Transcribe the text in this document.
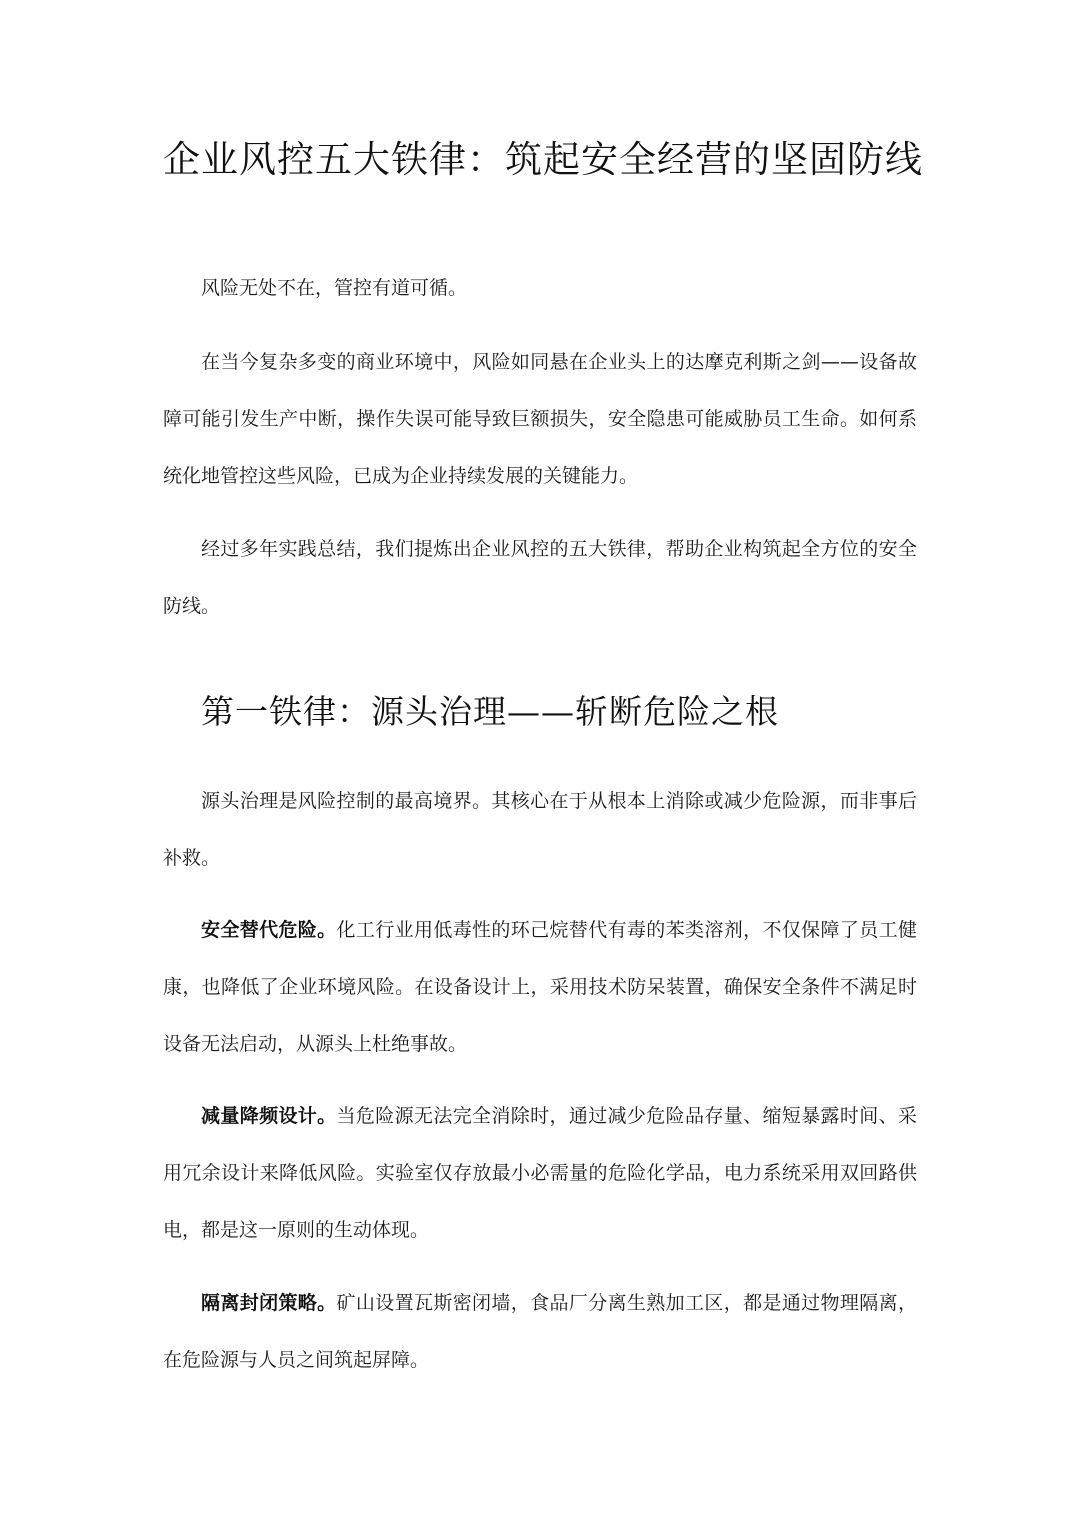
企业风控五大铁律：筑起安全经营的坚固防线

风险无处不在，管控有道可循。

在当今复杂多变的商业环境中，风险如同悬在企业头上的达摩克利斯之剑——设备故障可能引发生产中断，操作失误可能导致巨额损失，安全隐患可能威胁员工生命。如何系统化地管控这些风险，已成为企业持续发展的关键能力。

经过多年实践总结，我们提炼出企业风控的五大铁律，帮助企业构筑起全方位的安全防线。

第一铁律：源头治理——斩断危险之根

源头治理是风险控制的最高境界。其核心在于从根本上消除或减少危险源，而非事后补救。

安全替代危险。化工行业用低毒性的环己烷替代有毒的苯类溶剂，不仅保障了员工健康，也降低了企业环境风险。在设备设计上，采用技术防呆装置，确保安全条件不满足时设备无法启动，从源头上杜绝事故。

减量降频设计。当危险源无法完全消除时，通过减少危险品存量、缩短暴露时间、采用冗余设计来降低风险。实验室仅存放最小必需量的危险化学品，电力系统采用双回路供电，都是这一原则的生动体现。

隔离封闭策略。矿山设置瓦斯密闭墙，食品厂分离生熟加工区，都是通过物理隔离，在危险源与人员之间筑起屏障。
